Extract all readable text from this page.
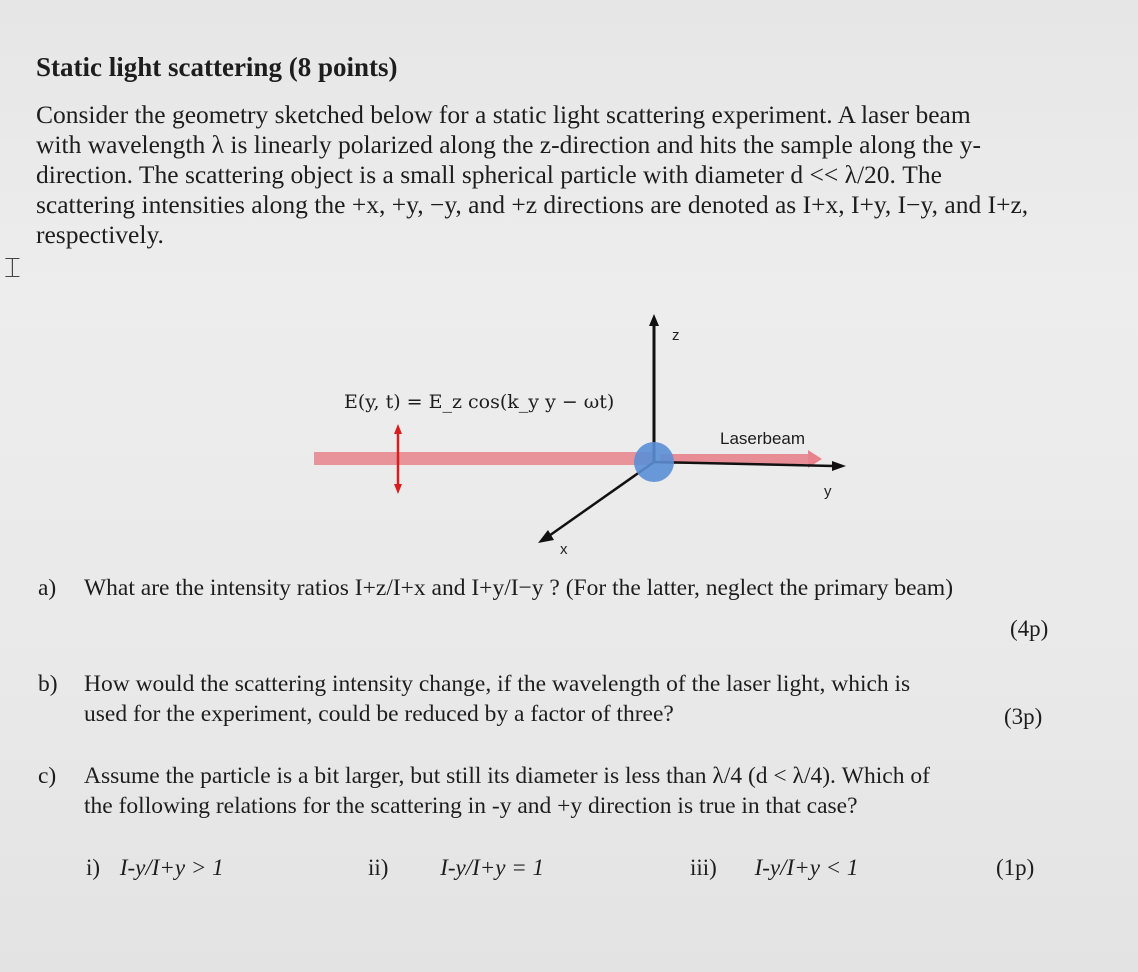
Static light scattering (8 points)

Consider the geometry sketched below for a static light scattering experiment. A laser beam

with wavelength λ is linearly polarized along the z-direction and hits the sample along the y-

direction. The scattering object is a small spherical particle with diameter d << λ/20. The

scattering intensities along the +x, +y, −y, and +z directions are denoted as I+x, I+y, I−y, and I+z,

respectively.

⌶
z
y
x
E(y, t) = E_z cos(k_y y − ωt)
Laserbeam
a) What are the intensity ratios I+z/I+x and I+y/I−y ? (For the latter, neglect the primary beam)
(4p)
b) How would the scattering intensity change, if the wavelength of the laser light, which is
used for the experiment, could be reduced by a factor of three?	(3p)
c) Assume the particle is a bit larger, but still its diameter is less than λ/4 (d < λ/4). Which of
the following relations for the scattering in -y and +y direction is true in that case?
i) I-y/I+y > 1	ii) I-y/I+y = 1	iii) I-y/I+y < 1	(1p)
